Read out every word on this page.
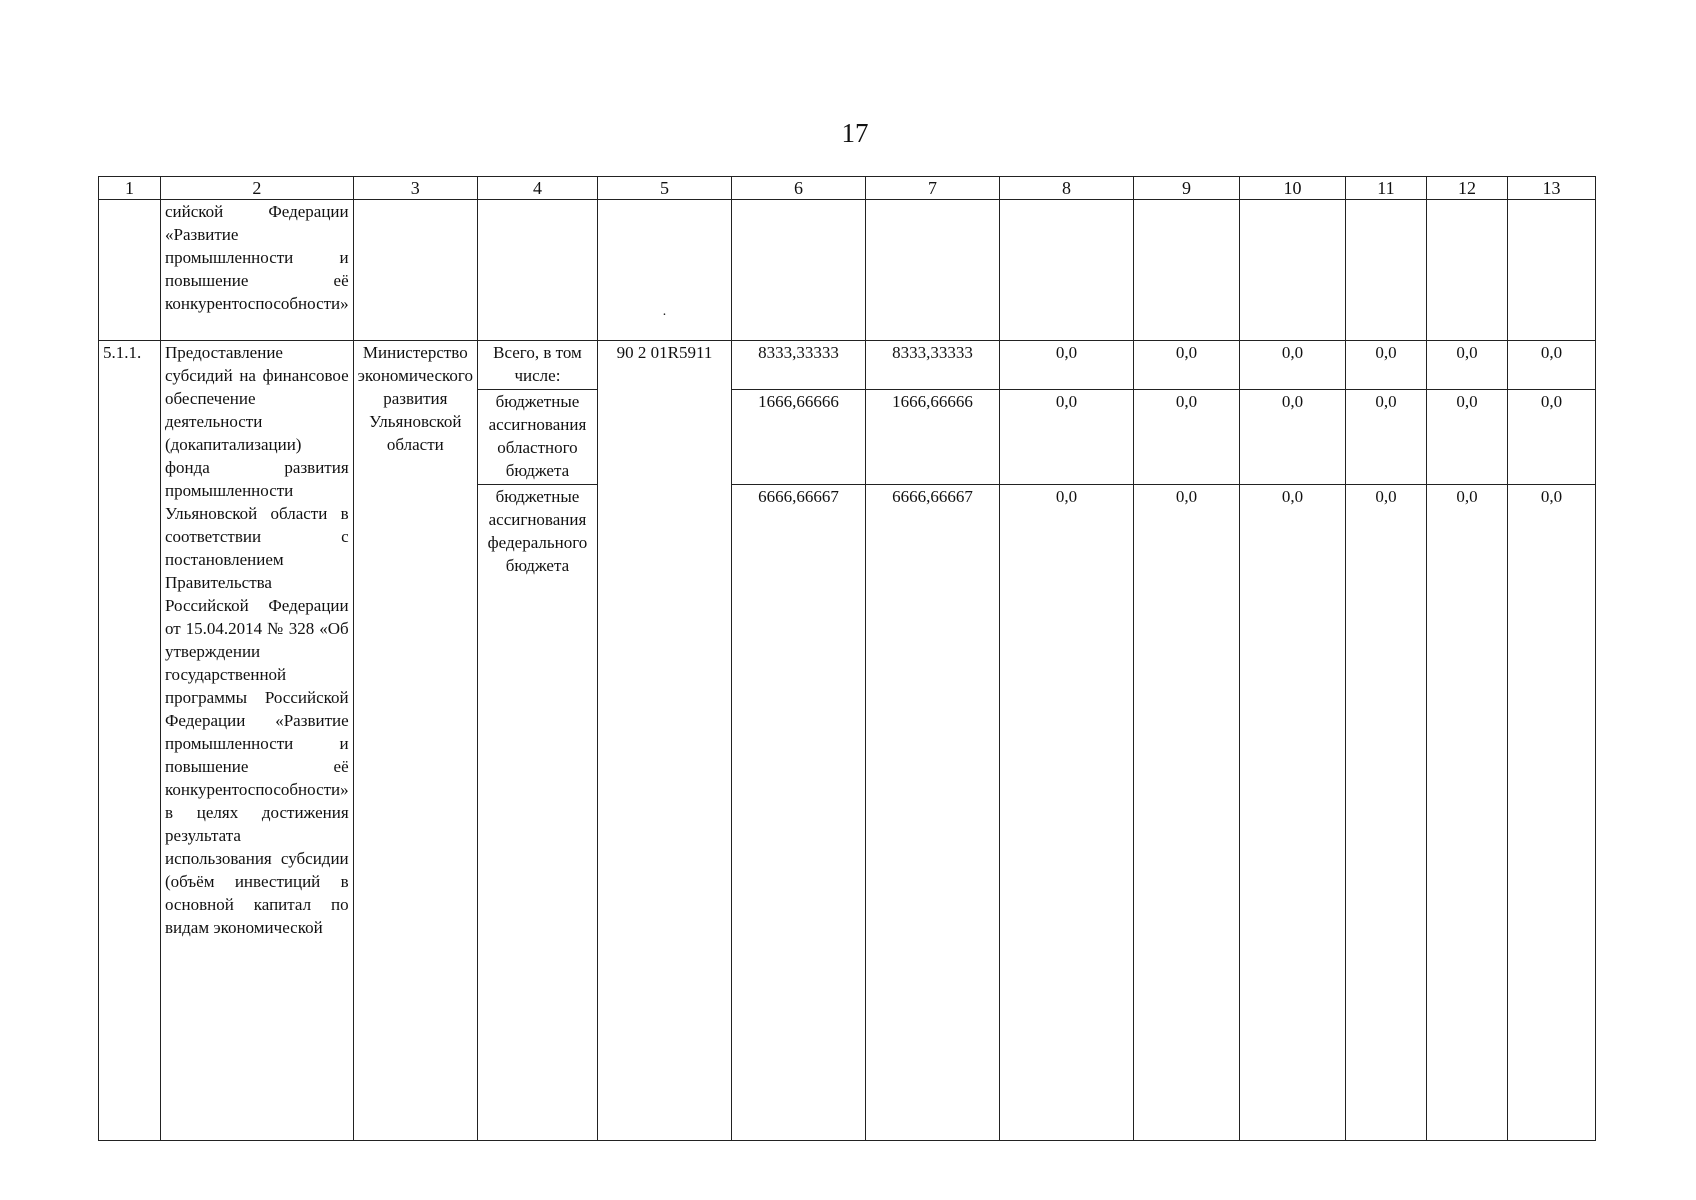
17
1	2	3	4	5	6	7	8	9	10	11	12	13
	сийской Федерации «Развитие промышленности и повышение её конкурентоспособности»			·								

5.1.1.	Предоставление субсидий на финансовое обеспечение деятельности (докапитализации) фонда развития промышленности Ульяновской области в соответствии с постановлением Правительства Российской Федерации от 15.04.2014 № 328 «Об утверждении государственной программы Российской Федерации «Развитие промышленности и повышение её конкурентоспособности» в целях достижения результата использования субсидии (объём инвестиций в основной капитал по видам экономической	Министерство экономического развития Ульяновской области	Всего, в том числе:	90 2 01R5911	8333,33333	8333,33333	0,0	0,0	0,0	0,0	0,0	0,0
			бюджетные ассигнования областного бюджета		1666,66666	1666,66666	0,0	0,0	0,0	0,0	0,0	0,0
			бюджетные ассигнования федерального бюджета		6666,66667	6666,66667	0,0	0,0	0,0	0,0	0,0	0,0
